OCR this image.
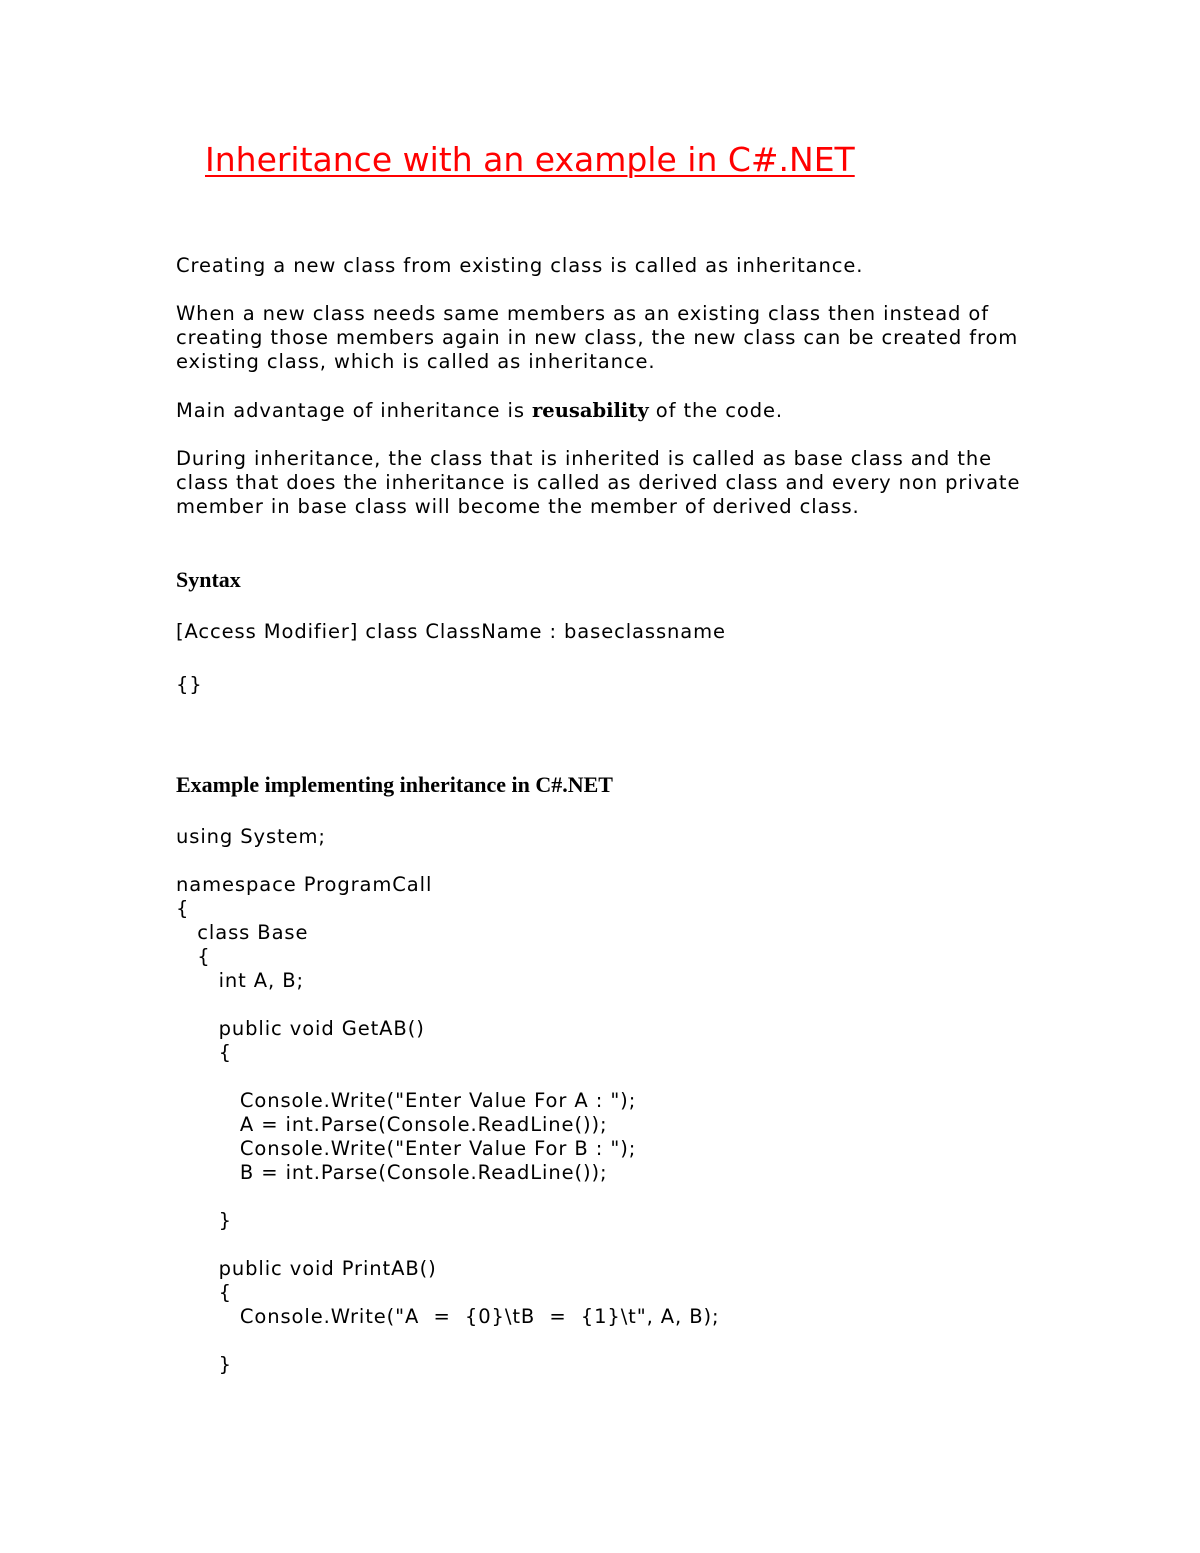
Inheritance with an example in C#.NET

Creating a new class from existing class is called as inheritance.

When a new class needs same members as an existing class then instead of creating those members again in new class, the new class can be created from existing class, which is called as inheritance.

Main advantage of inheritance is reusability of the code.

During inheritance, the class that is inherited is called as base class and the class that does the inheritance is called as derived class and every non private member in base class will become the member of derived class.

Syntax

[Access Modifier] class ClassName : baseclassname

{}

Example implementing inheritance in C#.NET
using System;
namespace ProgramCall
{
class Base
{
int A, B;
public void GetAB()
{
Console.Write("Enter Value For A : ");
A = int.Parse(Console.ReadLine());
Console.Write("Enter Value For B : ");
B = int.Parse(Console.ReadLine());
}
public void PrintAB()
{
Console.Write("A  =  {0}\tB  =  {1}\t", A, B);
}
